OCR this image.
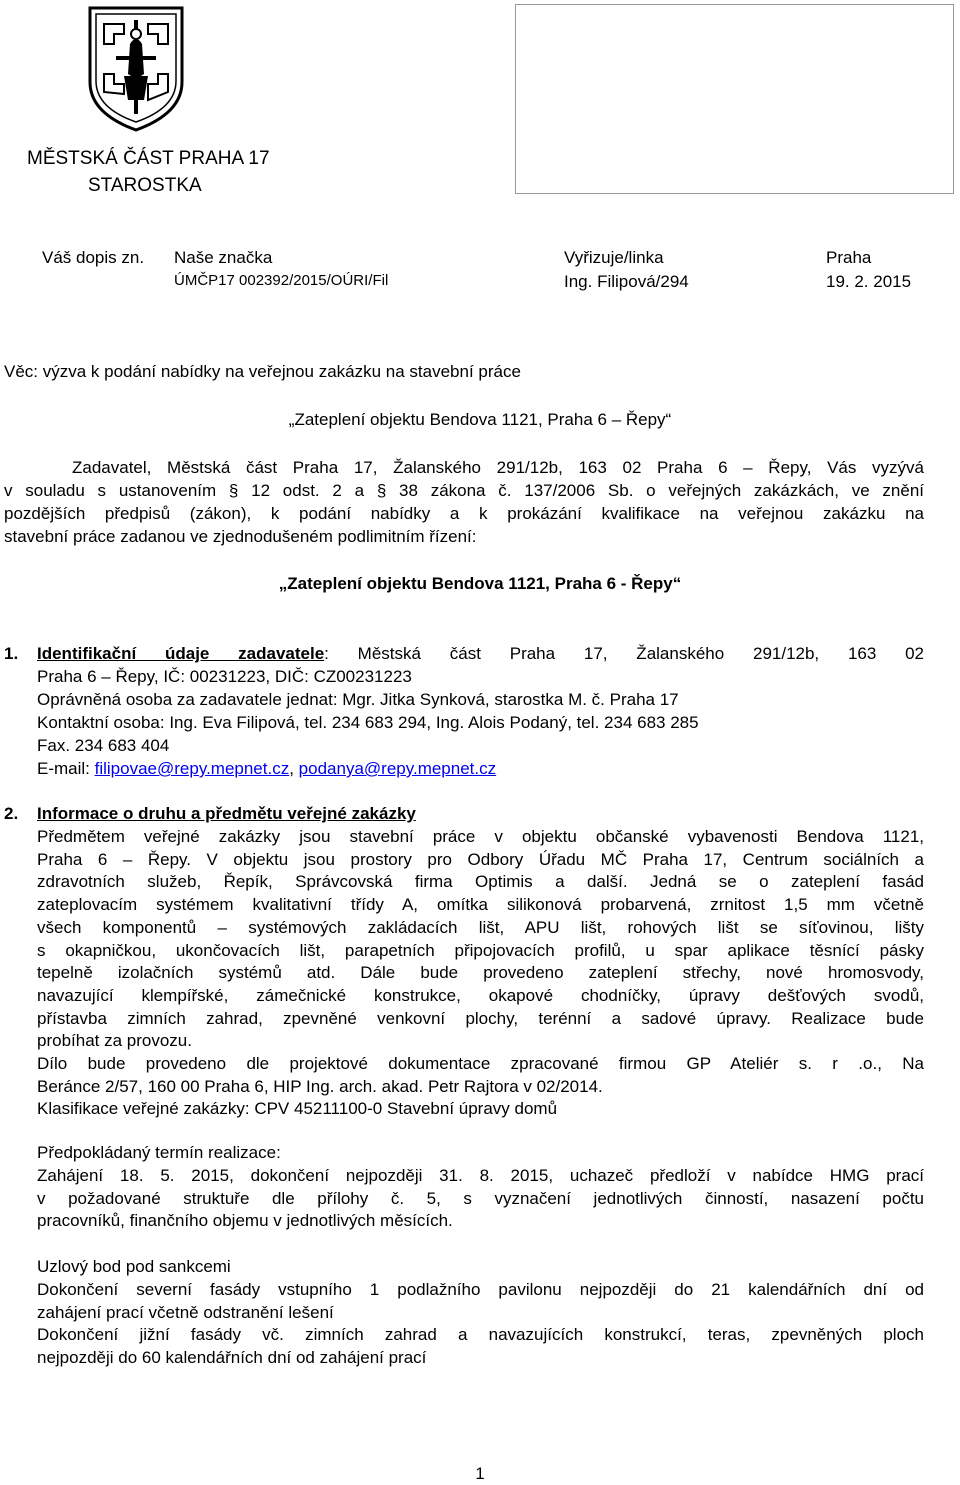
MĚSTSKÁ ČÁST PRAHA 17
STAROSTKA
Váš dopis zn. Naše značka
ÚMČP17 002392/2015/OÚRI/Fil
Vyřizuje/linka
Ing. Filipová/294
Praha
19. 2. 2015
Věc: výzva k podání nabídky na veřejnou zakázku na stavební práce
„Zateplení objektu Bendova 1121, Praha 6 – Řepy“
Zadavatel, Městská část Praha 17, Žalanského 291/12b, 163 02 Praha 6 – Řepy, Vás vyzývá
v souladu s ustanovením § 12 odst. 2 a § 38 zákona č. 137/2006 Sb. o veřejných zakázkách, ve znění
pozdějších předpisů (zákon), k podání nabídky a k prokázání kvalifikace na veřejnou zakázku na
stavební práce zadanou ve zjednodušeném podlimitním řízení:
„Zateplení objektu Bendova 1121, Praha 6 - Řepy“
1. Identifikační údaje zadavatele: Městská část Praha 17, Žalanského 291/12b, 163 02
Praha 6 – Řepy, IČ: 00231223, DIČ: CZ00231223
Oprávněná osoba za zadavatele jednat: Mgr. Jitka Synková, starostka M. č. Praha 17
Kontaktní osoba: Ing. Eva Filipová, tel. 234 683 294, Ing. Alois Podaný, tel. 234 683 285
Fax. 234 683 404
E-mail: filipovae@repy.mepnet.cz, podanya@repy.mepnet.cz
2. Informace o druhu a předmětu veřejné zakázky
Předmětem veřejné zakázky jsou stavební práce v objektu občanské vybavenosti Bendova 1121,
Praha 6 – Řepy. V objektu jsou prostory pro Odbory Úřadu MČ Praha 17, Centrum sociálních a
zdravotních služeb, Řepík, Správcovská firma Optimis a další. Jedná se o zateplení fasád
zateplovacím systémem kvalitativní třídy A, omítka silikonová probarvená, zrnitost 1,5 mm včetně
všech komponentů – systémových zakládacích lišt, APU lišt, rohových lišt se síťovinou, lišty
s okapničkou, ukončovacích lišt, parapetních připojovacích profilů, u spar aplikace těsnící pásky
tepelně izolačních systémů atd. Dále bude provedeno zateplení střechy, nové hromosvody,
navazující klempířské, zámečnické konstrukce, okapové chodníčky, úpravy dešťových svodů,
přístavba zimních zahrad, zpevněné venkovní plochy, terénní a sadové úpravy. Realizace bude
probíhat za provozu.
Dílo bude provedeno dle projektové dokumentace zpracované firmou GP Ateliér s. r .o., Na
Beránce 2/57, 160 00 Praha 6, HIP Ing. arch. akad. Petr Rajtora v 02/2014.
Klasifikace veřejné zakázky: CPV 45211100-0 Stavební úpravy domů
Předpokládaný termín realizace:
Zahájení 18. 5. 2015, dokončení nejpozději 31. 8. 2015, uchazeč předloží v nabídce HMG prací
v požadované struktuře dle přílohy č. 5, s vyznačení jednotlivých činností, nasazení počtu
pracovníků, finančního objemu v jednotlivých měsících.
Uzlový bod pod sankcemi
Dokončení severní fasády vstupního 1 podlažního pavilonu nejpozději do 21 kalendářních dní od
zahájení prací včetně odstranění lešení
Dokončení jižní fasády vč. zimních zahrad a navazujících konstrukcí, teras, zpevněných ploch
nejpozději do 60 kalendářních dní od zahájení prací
1
